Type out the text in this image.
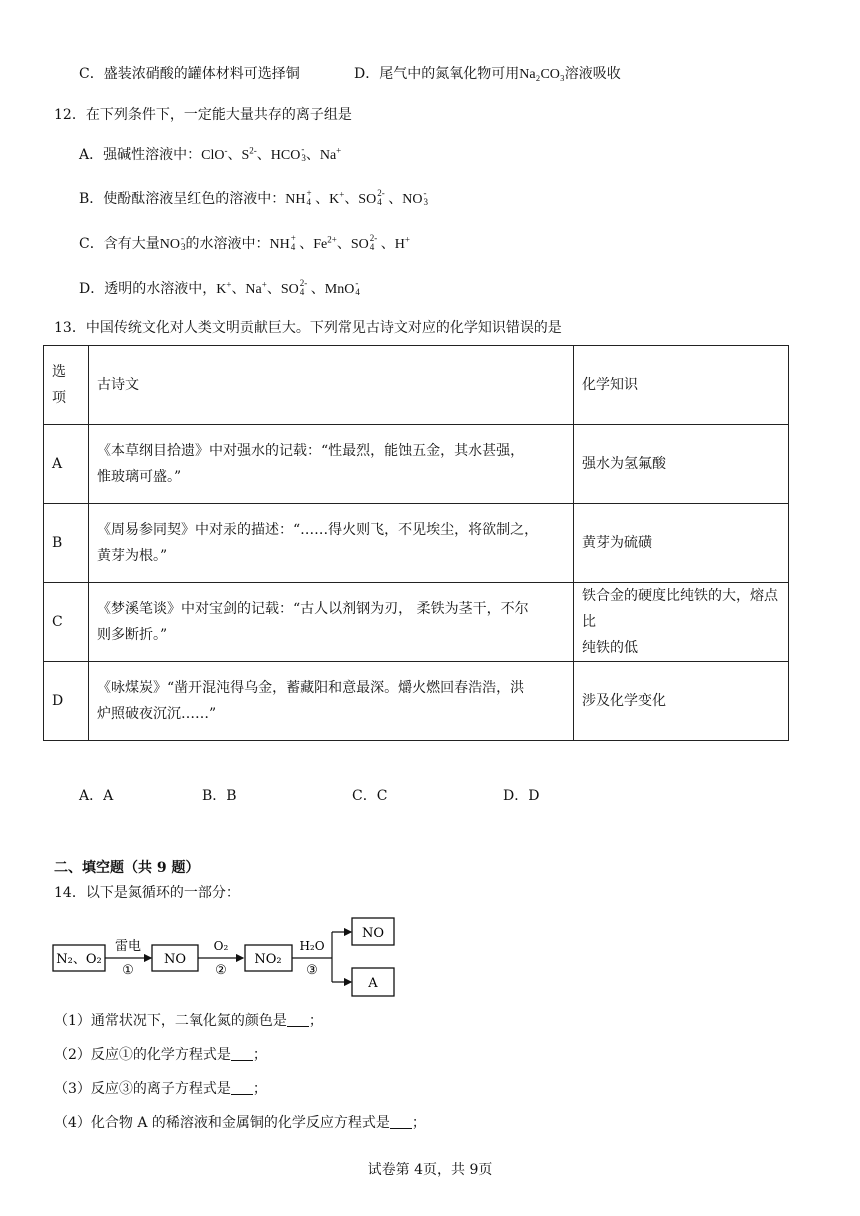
C．盛装浓硝酸的罐体材料可选择铜	D．尾气中的氮氧化物可用Na₂CO₃溶液吸收
12．在下列条件下，一定能大量共存的离子组是
A．强碱性溶液中：ClO-、$S^{2-}$、HCO -
3 、Na+
B．使酚酞溶液呈红色的溶液中：NH +
4 、K+、SO 2-
4 、NO -
3
C．含有大量NO -
3 的水溶液中：NH +
4 、$Fe^{2+}$、SO 2-
4 、H+
D．透明的水溶液中，K+、Na+、SO 2-
4 、MnO -
4
13．中国传统文化对人类文明贡献巨大。下列常见古诗文对应的化学知识错误的是
选
项	古诗文	化学知识
A	《本草纲目拾遗》中对强水的记载：“性最烈，能蚀五金，其水甚强，
惟玻璃可盛。”	强水为氢氟酸
B	《周易参同契》中对汞的描述：“……得火则飞，不见埃尘，将欲制之，
黄芽为根。”	黄芽为硫磺
C	《梦溪笔谈》中对宝剑的记载：“古人以剂钢为刃， 柔铁为茎干，不尔
则多断折。”	铁合金的硬度比纯铁的大，熔点比
纯铁的低
D	《咏煤炭》“凿开混沌得乌金，蓄藏阳和意最深。爝火燃回春浩浩，洪
炉照破夜沉沉……”	涉及化学变化
A．A	B．B	C．C	D．D
二、填空题（共 9 题）
14．以下是氮循环的一部分：
N₂、O₂
雷电
①
NO
O₂
②
NO₂
H₂O
③
NO
A
（1）通常状况下，二氧化氮的颜色是 ；
（2）反应①的化学方程式是 ；
（3）反应③的离子方程式是 ；
（4）化合物 A 的稀溶液和金属铜的化学反应方程式是 ；
试卷第 4页，共 9页
